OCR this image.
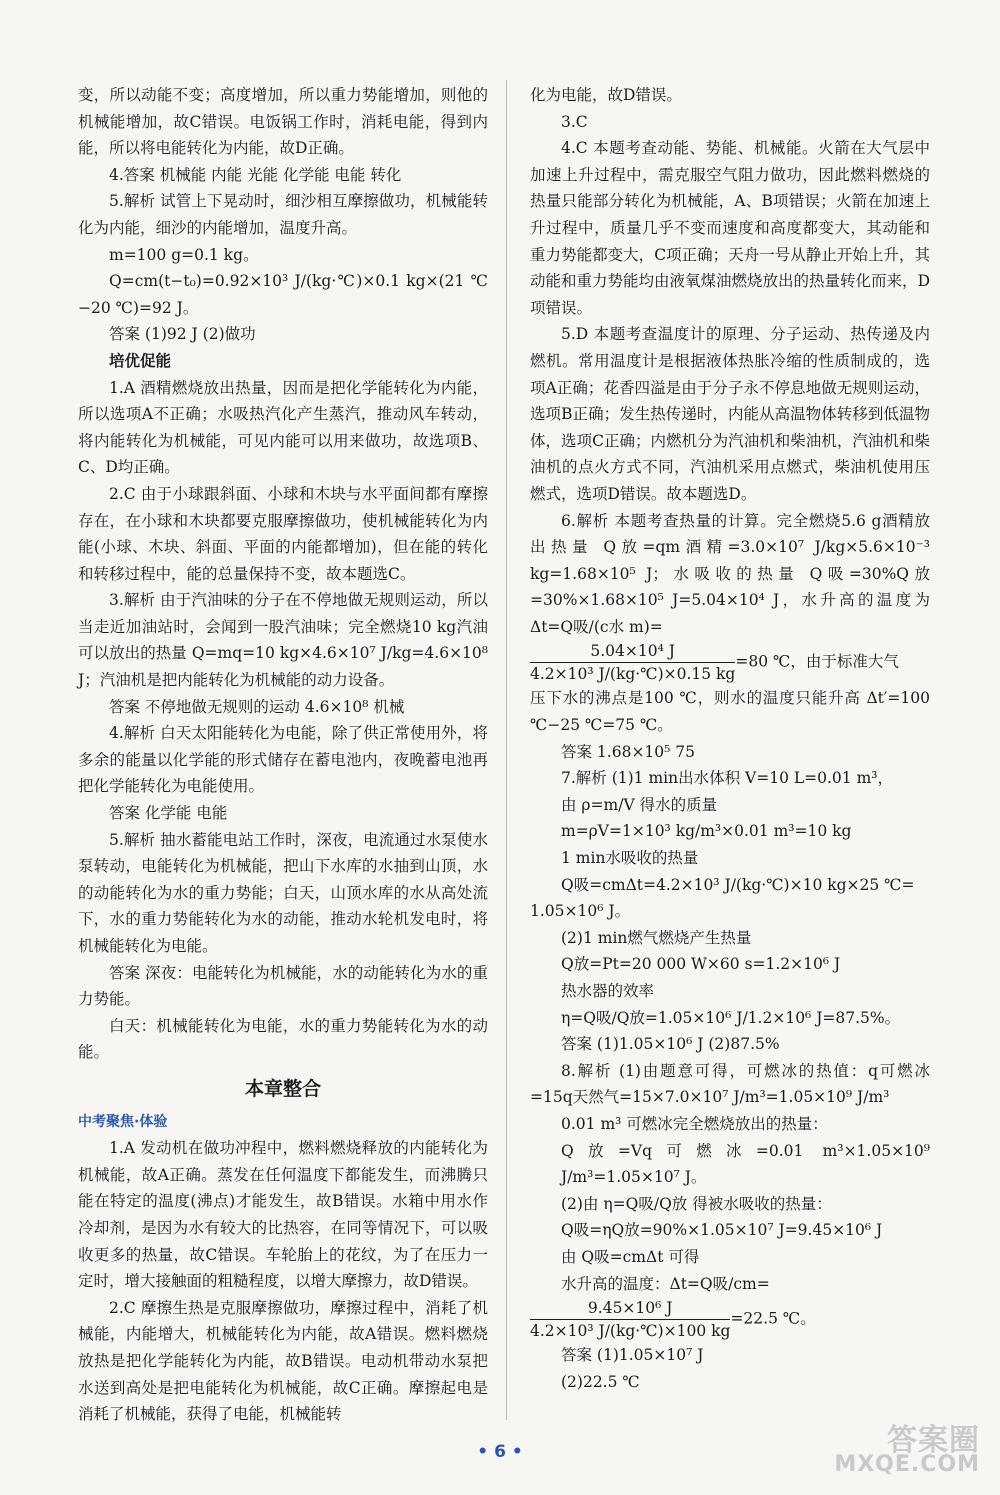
变，所以动能不变；高度增加，所以重力势能增加，则他的机械能增加，故C错误。电饭锅工作时，消耗电能，得到内能，所以将电能转化为内能，故D正确。

4.答案 机械能 内能 光能 化学能 电能 转化

5.解析 试管上下晃动时，细沙相互摩擦做功，机械能转化为内能，细沙的内能增加，温度升高。

m=100 g=0.1 kg。

Q=cm(t−t₀)=0.92×10³ J/(kg·℃)×0.1 kg×(21 ℃−20 ℃)=92 J。

答案 (1)92 J (2)做功

培优促能

1.A 酒精燃烧放出热量，因而是把化学能转化为内能，所以选项A不正确；水吸热汽化产生蒸汽，推动风车转动，将内能转化为机械能，可见内能可以用来做功，故选项B、C、D均正确。

2.C 由于小球跟斜面、小球和木块与水平面间都有摩擦存在，在小球和木块都要克服摩擦做功，使机械能转化为内能(小球、木块、斜面、平面的内能都增加)，但在能的转化和转移过程中，能的总量保持不变，故本题选C。

3.解析 由于汽油味的分子在不停地做无规则运动，所以当走近加油站时，会闻到一股汽油味；完全燃烧10 kg汽油可以放出的热量 Q=mq=10 kg×4.6×10⁷ J/kg=4.6×10⁸ J；汽油机是把内能转化为机械能的动力设备。

答案 不停地做无规则的运动 4.6×10⁸ 机械

4.解析 白天太阳能转化为电能，除了供正常使用外，将多余的能量以化学能的形式储存在蓄电池内，夜晚蓄电池再把化学能转化为电能使用。

答案 化学能 电能

5.解析 抽水蓄能电站工作时，深夜，电流通过水泵使水泵转动，电能转化为机械能，把山下水库的水抽到山顶，水的动能转化为水的重力势能；白天，山顶水库的水从高处流下，水的重力势能转化为水的动能，推动水轮机发电时，将机械能转化为电能。

答案 深夜：电能转化为机械能，水的动能转化为水的重力势能。

白天：机械能转化为电能，水的重力势能转化为水的动能。

本章整合

中考聚焦·体验

1.A 发动机在做功冲程中，燃料燃烧释放的内能转化为机械能，故A正确。蒸发在任何温度下都能发生，而沸腾只能在特定的温度(沸点)才能发生，故B错误。水箱中用水作冷却剂，是因为水有较大的比热容，在同等情况下，可以吸收更多的热量，故C错误。车轮胎上的花纹，为了在压力一定时，增大接触面的粗糙程度，以增大摩擦力，故D错误。

2.C 摩擦生热是克服摩擦做功，摩擦过程中，消耗了机械能，内能增大，机械能转化为内能，故A错误。燃料燃烧放热是把化学能转化为内能，故B错误。电动机带动水泵把水送到高处是把电能转化为机械能，故C正确。摩擦起电是消耗了机械能，获得了电能，机械能转

化为电能，故D错误。

3.C

4.C 本题考查动能、势能、机械能。火箭在大气层中加速上升过程中，需克服空气阻力做功，因此燃料燃烧的热量只能部分转化为机械能，A、B项错误；火箭在加速上升过程中，质量几乎不变而速度和高度都变大，其动能和重力势能都变大，C项正确；天舟一号从静止开始上升，其动能和重力势能均由液氧煤油燃烧放出的热量转化而来，D项错误。

5.D 本题考查温度计的原理、分子运动、热传递及内燃机。常用温度计是根据液体热胀冷缩的性质制成的，选项A正确；花香四溢是由于分子永不停息地做无规则运动，选项B正确；发生热传递时，内能从高温物体转移到低温物体，选项C正确；内燃机分为汽油机和柴油机，汽油机和柴油机的点火方式不同，汽油机采用点燃式，柴油机使用压燃式，选项D错误。故本题选D。

6.解析 本题考查热量的计算。完全燃烧5.6 g酒精放出热量 Q放=qm酒精=3.0×10⁷ J/kg×5.6×10⁻³ kg=1.68×10⁵ J；水吸收的热量 Q吸=30%Q放=30%×1.68×10⁵ J=5.04×10⁴ J，水升高的温度为 Δt=Q吸/(c水 m)=

$\frac{\text{5.04×10⁴ J}}{\text{4.2×10³ J/(kg·℃)×0.15 kg}} =80$ ℃，由于标准大气

压下水的沸点是100 ℃，则水的温度只能升高 Δt′=100 ℃−25 ℃=75 ℃。

答案 1.68×10⁵ 75

7.解析 (1)1 min出水体积 V=10 L=0.01 m³，

由 ρ=m/V 得水的质量

m=ρV=1×10³ kg/m³×0.01 m³=10 kg

1 min水吸收的热量

Q吸=cmΔt=4.2×10³ J/(kg·℃)×10 kg×25 ℃=

1.05×10⁶ J。

(2)1 min燃气燃烧产生热量

Q放=Pt=20 000 W×60 s=1.2×10⁶ J

热水器的效率

η=Q吸/Q放=1.05×10⁶ J/1.2×10⁶ J=87.5%。

答案 (1)1.05×10⁶ J (2)87.5%

8.解析 (1)由题意可得，可燃冰的热值：q可燃冰=15q天然气=15×7.0×10⁷ J/m³=1.05×10⁹ J/m³

0.01 m³ 可燃冰完全燃烧放出的热量：

Q放=Vq可燃冰=0.01 m³×1.05×10⁹ J/m³=1.05×10⁷ J。

(2)由 η=Q吸/Q放 得被水吸收的热量：

Q吸=ηQ放=90%×1.05×10⁷ J=9.45×10⁶ J

由 Q吸=cmΔt 可得

水升高的温度：Δt=Q吸/cm=

$\frac{\text{9.45×10⁶ J}}{\text{4.2×10³ J/(kg·℃)×100 kg}} =22.5$ ℃。

答案 (1)1.05×10⁷ J

(2)22.5 ℃

• 6 •	答案圈
MXQE.COM
